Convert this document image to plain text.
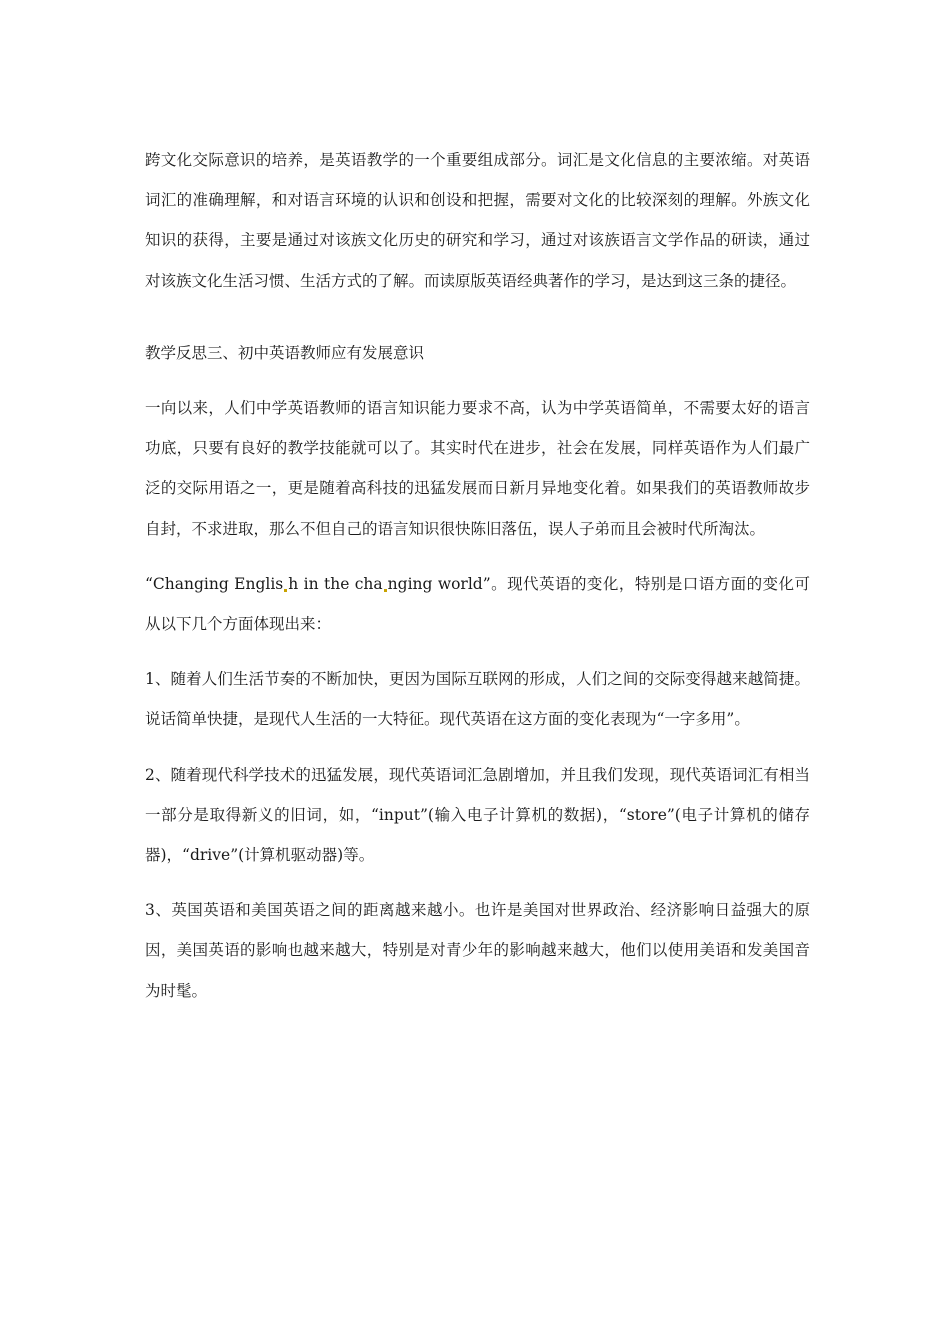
跨文化交际意识的培养，是英语教学的一个重要组成部分。词汇是文化信息的主要浓缩。对英语词汇的准确理解，和对语言环境的认识和创设和把握，需要对文化的比较深刻的理解。外族文化知识的获得，主要是通过对该族文化历史的研究和学习，通过对该族语言文学作品的研读，通过对该族文化生活习惯、生活方式的了解。而读原版英语经典著作的学习，是达到这三条的捷径。

教学反思三、初中英语教师应有发展意识

一向以来，人们中学英语教师的语言知识能力要求不高，认为中学英语简单，不需要太好的语言功底，只要有良好的教学技能就可以了。其实时代在进步，社会在发展，同样英语作为人们最广泛的交际用语之一，更是随着高科技的迅猛发展而日新月异地变化着。如果我们的英语教师故步自封，不求进取，那么不但自己的语言知识很快陈旧落伍，误人子弟而且会被时代所淘汰。

“Changing Englis h in the cha nging world”。现代英语的变化，特别是口语方面的变化可从以下几个方面体现出来：

1、随着人们生活节奏的不断加快，更因为国际互联网的形成，人们之间的交际变得越来越简捷。说话简单快捷，是现代人生活的一大特征。现代英语在这方面的变化表现为“一字多用”。

2、随着现代科学技术的迅猛发展，现代英语词汇急剧增加，并且我们发现，现代英语词汇有相当一部分是取得新义的旧词，如，“input”(输入电子计算机的数据)，“store”(电子计算机的储存器)，“drive”(计算机驱动器)等。

3、英国英语和美国英语之间的距离越来越小。也许是美国对世界政治、经济影响日益强大的原因，美国英语的影响也越来越大，特别是对青少年的影响越来越大，他们以使用美语和发美国音为时髦。
